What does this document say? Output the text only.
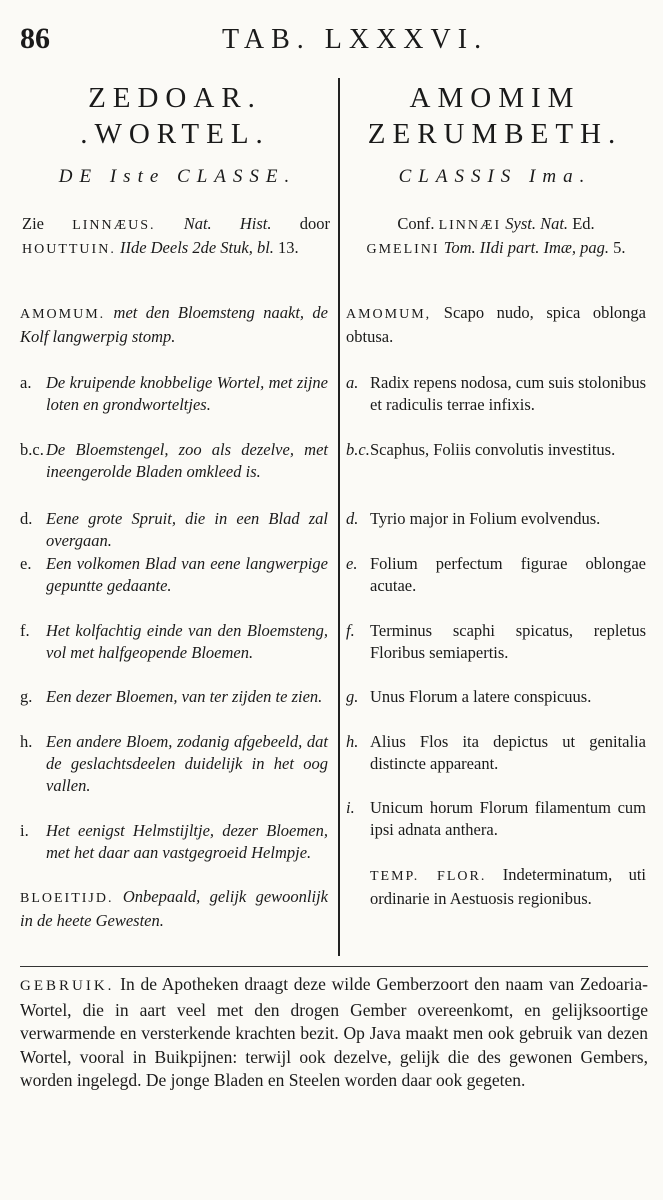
86	TAB. LXXXVI.
ZEDOAR.
.WORTEL.
AMOMIM
ZERUMBETH.
DE Iste CLASSE.	CLASSIS Ima.
Zie LINNÆUS. Nat. Hist. door HOUTTUIN. IIde Deels 2de Stuk, bl. 13.
Conf. LINNÆI Syst. Nat. Ed.
GMELINI Tom. IIdi part. Imæ, pag. 5.
AMOMUM. met den Bloemsteng naakt, de Kolf langwerpig stomp.
a. De kruipende knobbelige Wortel, met zijne loten en grondworteltjes.
b.c. De Bloemstengel, zoo als dezelve, met ineengerolde Bladen omkleed is.
d. Eene grote Spruit, die in een Blad zal overgaan.
e. Een volkomen Blad van eene langwerpige gepuntte gedaante.
f. Het kolfachtig einde van den Bloemsteng, vol met halfgeopende Bloemen.
g. Een dezer Bloemen, van ter zijden te zien.
h. Een andere Bloem, zodanig afgebeeld, dat de geslachtsdeelen duidelijk in het oog vallen.
i.	Het eenigst Helmstijltje, dezer Bloemen, met het daar aan vastgegroeid Helmpje.
BLOEITIJD. Onbepaald, gelijk gewoonlijk in de heete Gewesten.
AMOMUM, Scapo nudo, spica oblonga obtusa.
a. Radix repens nodosa, cum suis stolonibus et radiculis terrae infixis.
b.c. Scaphus, Foliis convolutis investitus.
d. Tyrio major in Folium evolvendus.
e. Folium perfectum figurae oblongae acutae.
f. Terminus scaphi spicatus, repletus Floribus semiapertis.
g. Unus Florum a latere conspicuus.
h. Alius Flos ita depictus ut genitalia distincte appareant.
i. Unicum horum Florum filamentum cum ipsi adnata anthera.
TEMP. FLOR. Indeterminatum, uti ordinarie in Aestuosis regionibus.
GEBRUIK. In de Apotheken draagt deze wilde Gemberzoort den naam van Zedoaria-Wortel, die in aart veel met den drogen Gember overeenkomt, en gelijksoortige verwarmende en versterkende krachten bezit. Op Java maakt men ook gebruik van dezen Wortel, vooral in Buikpijnen: terwijl ook dezelve, gelijk die des gewonen Gembers, worden ingelegd. De jonge Bladen en Steelen worden daar ook gegeten.
